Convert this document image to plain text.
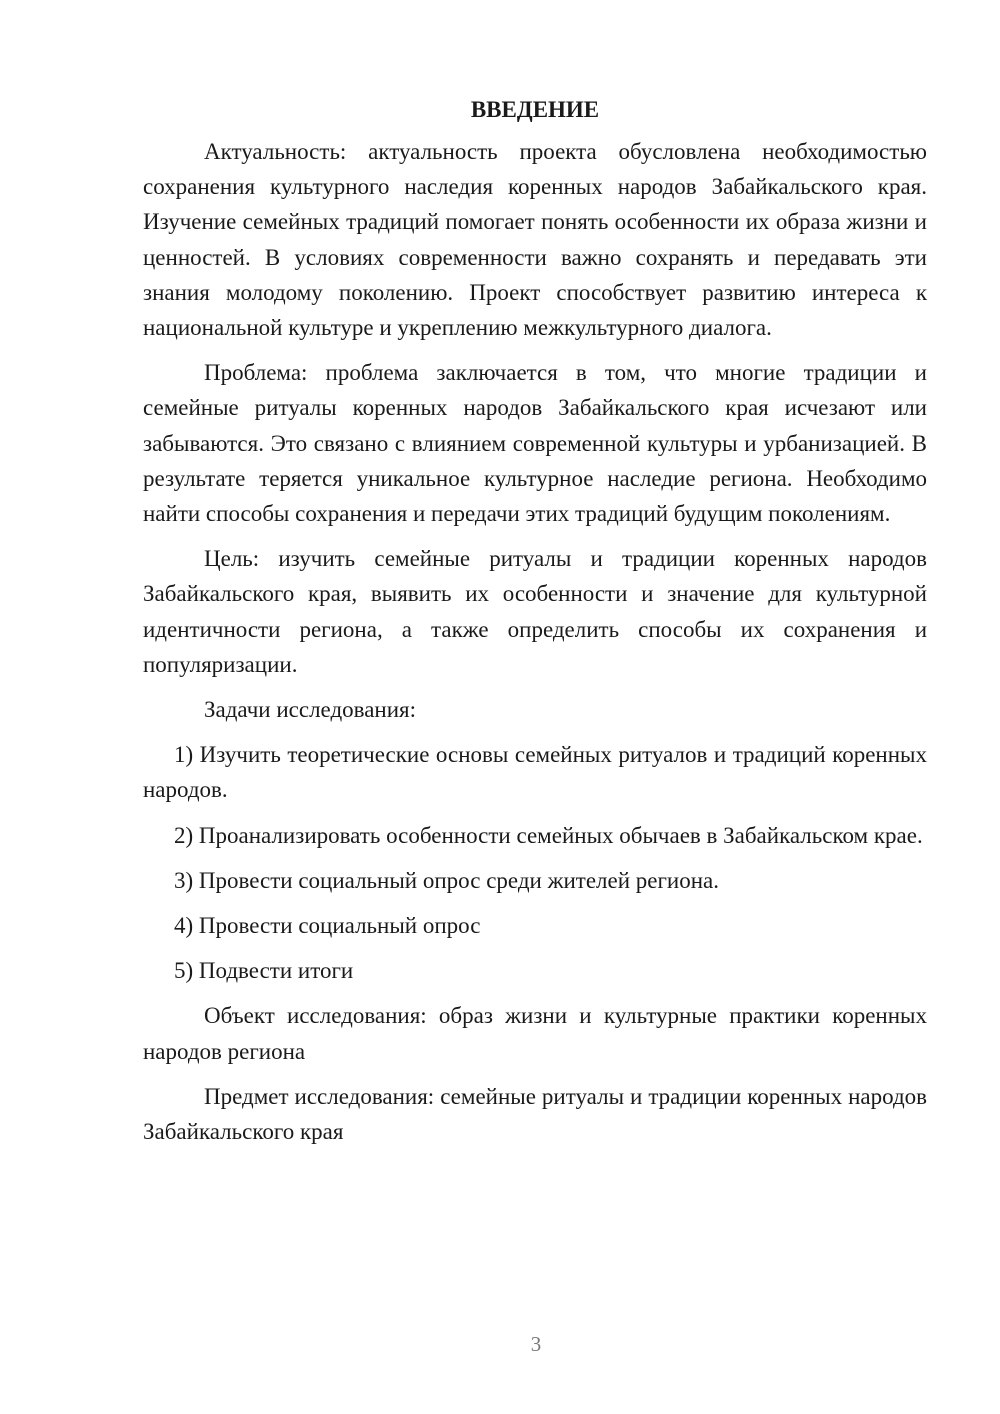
ВВЕДЕНИЕ

Актуальность: актуальность проекта обусловлена необходимостью сохранения культурного наследия коренных народов Забайкальского края. Изучение семейных традиций помогает понять особенности их образа жизни и ценностей. В условиях современности важно сохранять и передавать эти знания молодому поколению. Проект способствует развитию интереса к национальной культуре и укреплению межкультурного диалога.

Проблема: проблема заключается в том, что многие традиции и семейные ритуалы коренных народов Забайкальского края исчезают или забываются. Это связано с влиянием современной культуры и урбанизацией. В результате теряется уникальное культурное наследие региона. Необходимо найти способы сохранения и передачи этих традиций будущим поколениям.

Цель: изучить семейные ритуалы и традиции коренных народов Забайкальского края, выявить их особенности и значение для культурной идентичности региона, а также определить способы их сохранения и популяризации.

Задачи исследования:

1) Изучить теоретические основы семейных ритуалов и традиций коренных народов.

2) Проанализировать особенности семейных обычаев в Забайкальском крае.

3) Провести социальный опрос среди жителей региона.

4) Провести социальный опрос

5) Подвести итоги

Объект исследования: образ жизни и культурные практики коренных народов региона

Предмет исследования: семейные ритуалы и традиции коренных народов Забайкальского края

3
